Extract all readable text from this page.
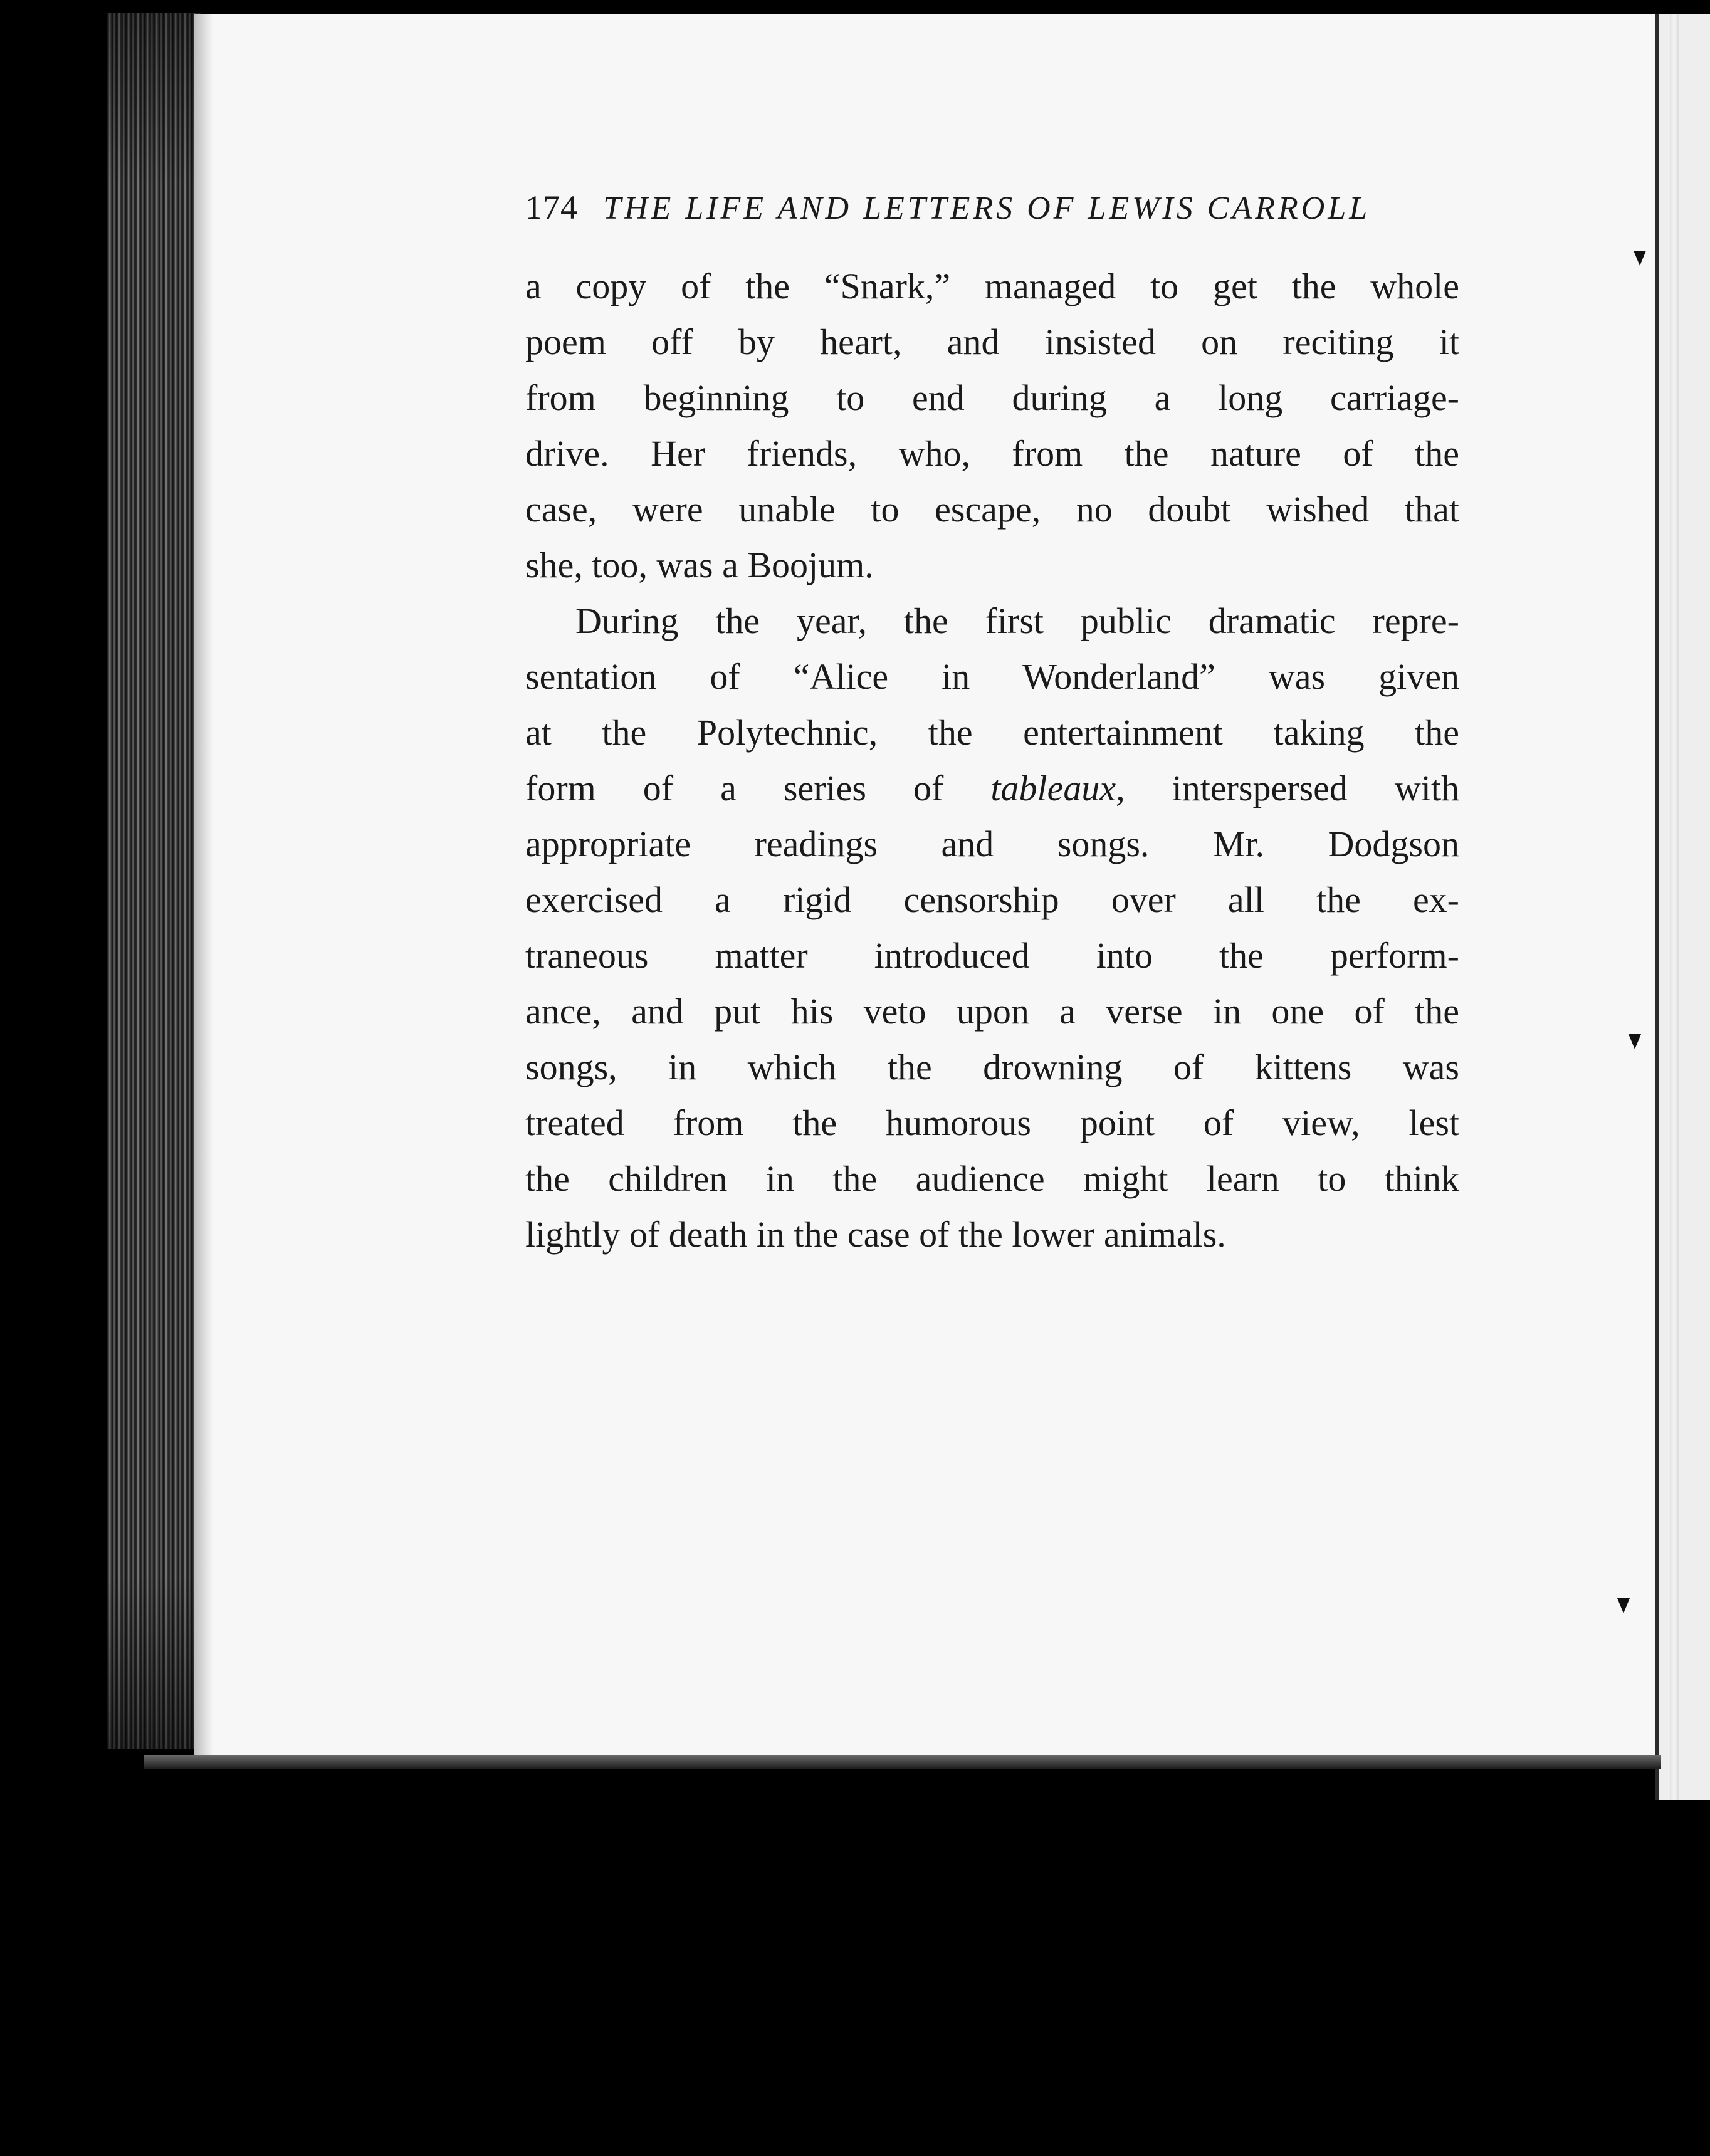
174 THE LIFE AND LETTERS OF LEWIS CARROLL

a copy of the “Snark,” managed to get the whole
poem off by heart, and insisted on reciting it
from beginning to end during a long carriage-
drive. Her friends, who, from the nature of the
case, were unable to escape, no doubt wished that
she, too, was a Boojum.

During the year, the first public dramatic repre-
sentation of “Alice in Wonderland” was given
at the Polytechnic, the entertainment taking the
form of a series of tableaux, interspersed with
appropriate readings and songs. Mr. Dodgson
exercised a rigid censorship over all the ex-
traneous matter introduced into the perform-
ance, and put his veto upon a verse in one of the
songs, in which the drowning of kittens was
treated from the humorous point of view, lest
the children in the audience might learn to think
lightly of death in the case of the lower animals.
